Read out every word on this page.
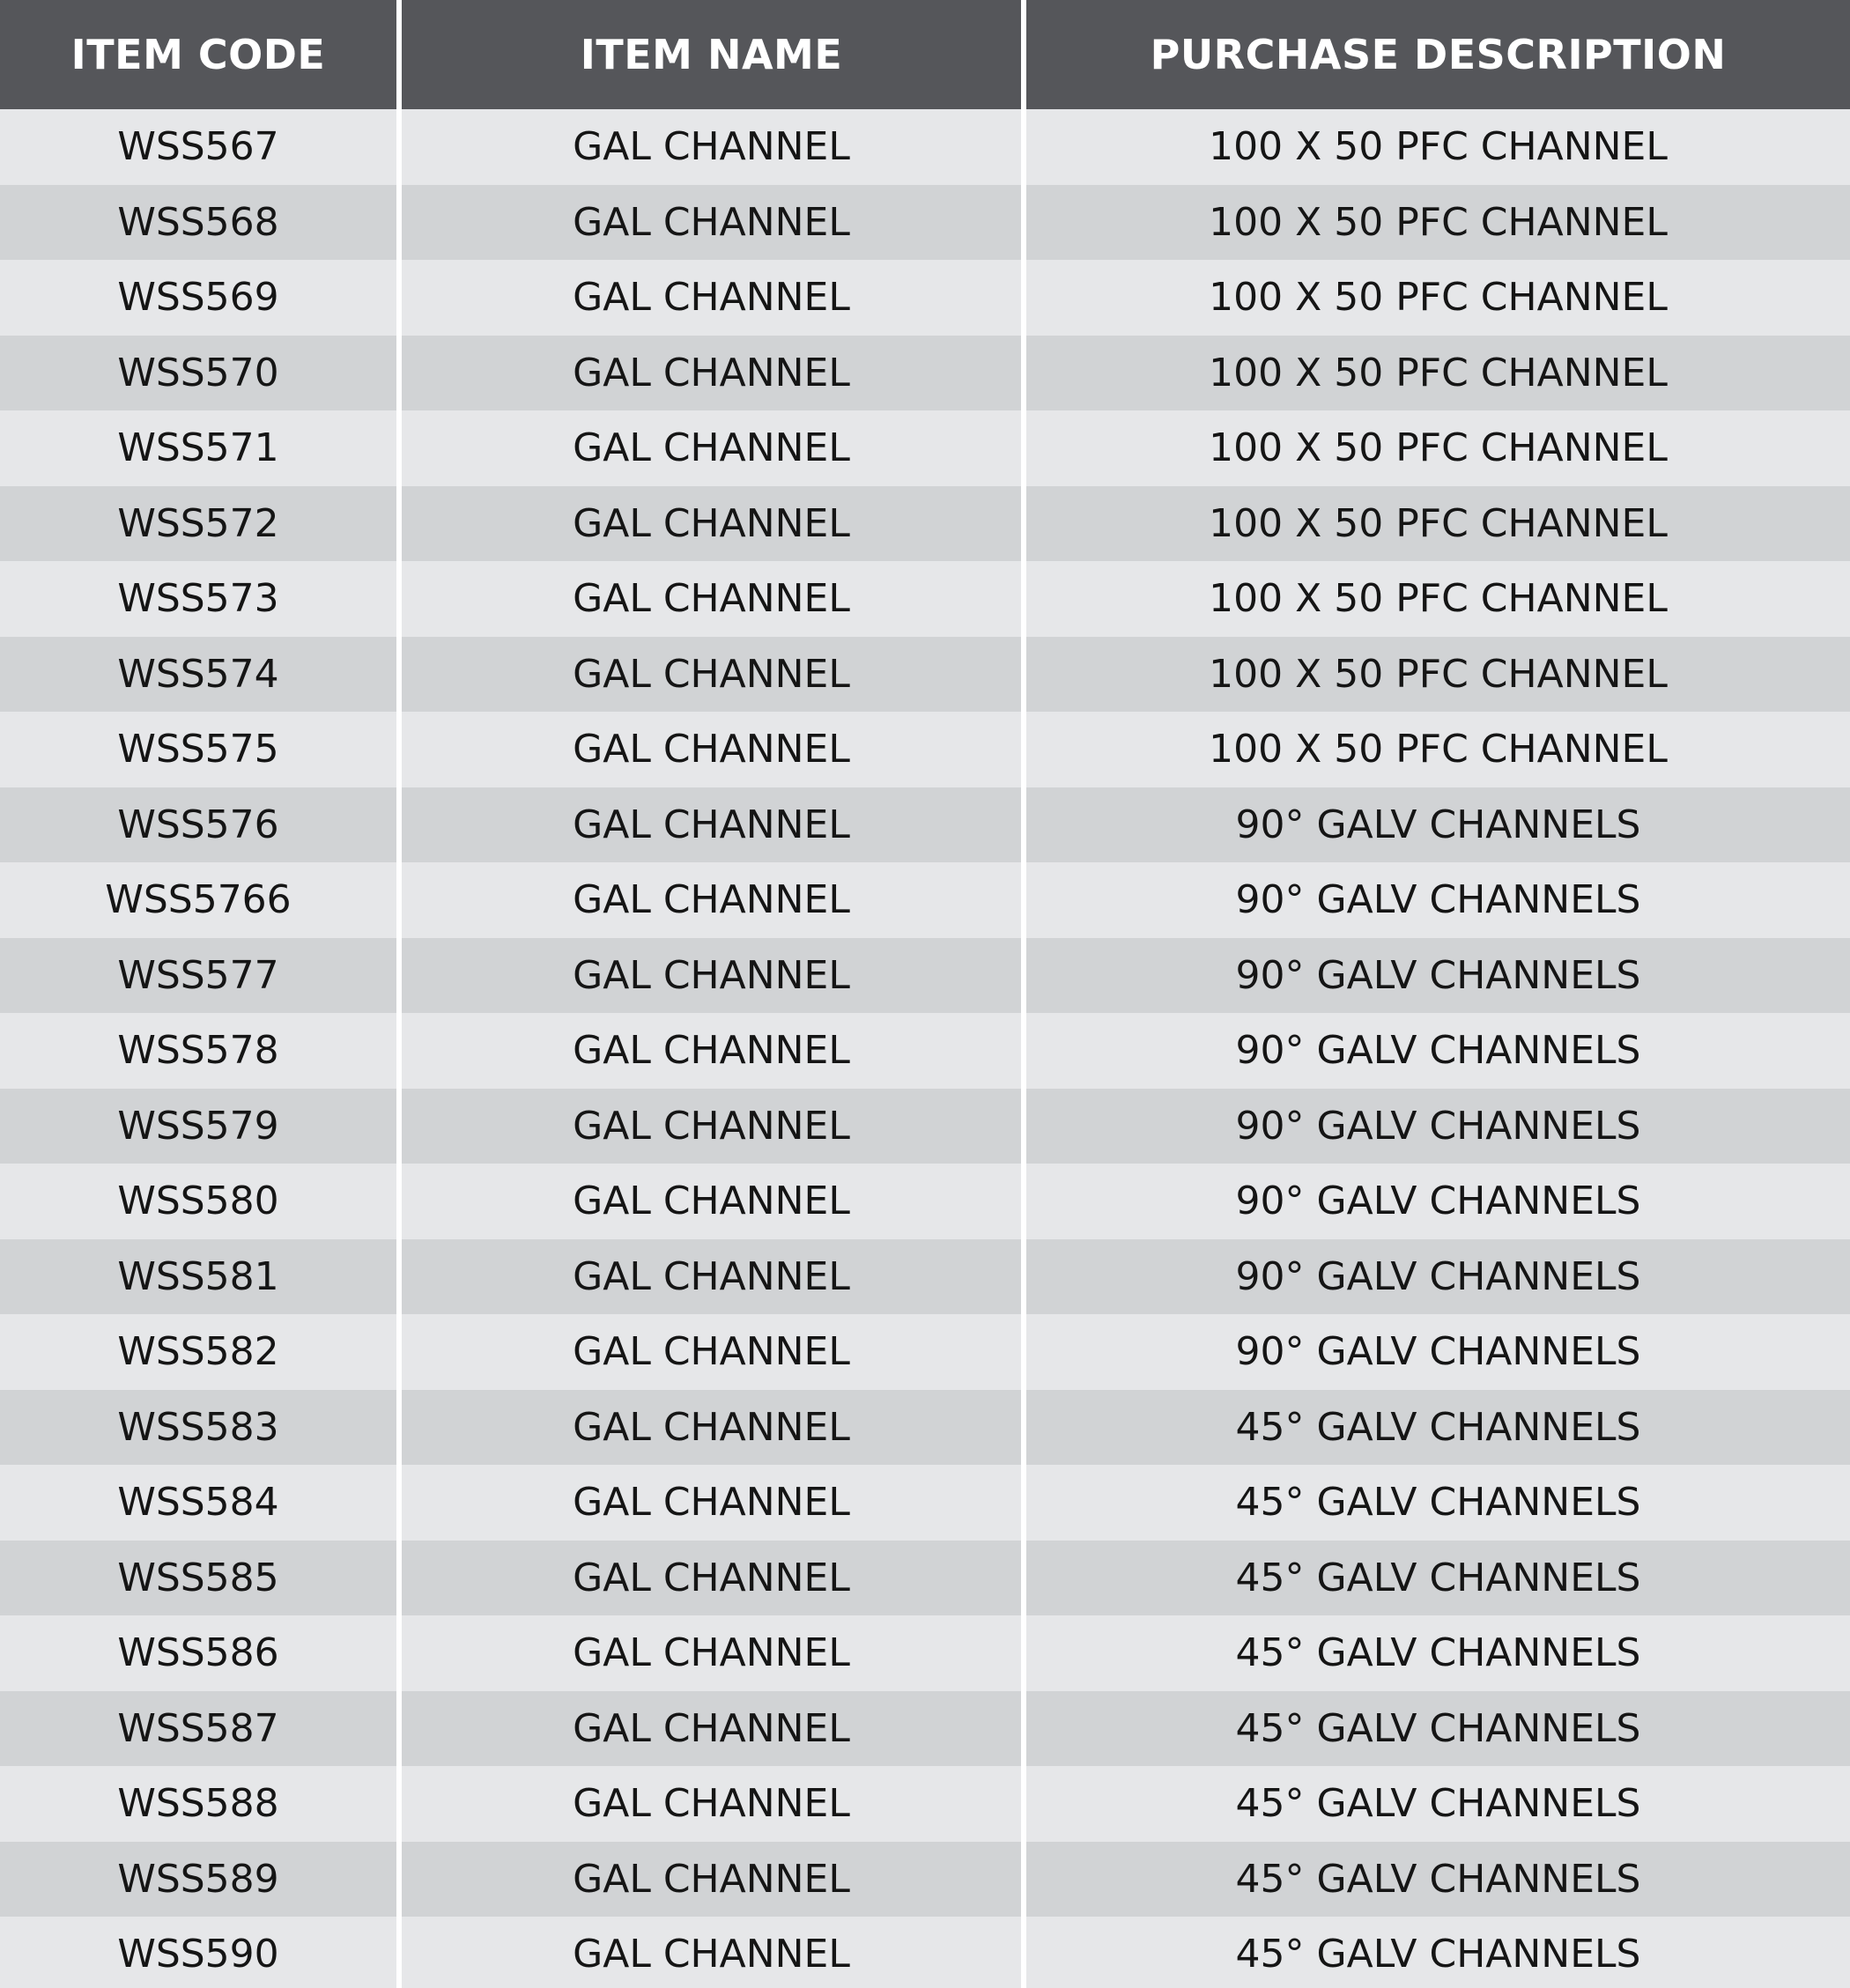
ITEM CODE	ITEM NAME	PURCHASE DESCRIPTION
WSS567	GAL CHANNEL	100 X 50 PFC CHANNEL
WSS568	GAL CHANNEL	100 X 50 PFC CHANNEL
WSS569	GAL CHANNEL	100 X 50 PFC CHANNEL
WSS570	GAL CHANNEL	100 X 50 PFC CHANNEL
WSS571	GAL CHANNEL	100 X 50 PFC CHANNEL
WSS572	GAL CHANNEL	100 X 50 PFC CHANNEL
WSS573	GAL CHANNEL	100 X 50 PFC CHANNEL
WSS574	GAL CHANNEL	100 X 50 PFC CHANNEL
WSS575	GAL CHANNEL	100 X 50 PFC CHANNEL
WSS576	GAL CHANNEL	90° GALV CHANNELS
WSS5766	GAL CHANNEL	90° GALV CHANNELS
WSS577	GAL CHANNEL	90° GALV CHANNELS
WSS578	GAL CHANNEL	90° GALV CHANNELS
WSS579	GAL CHANNEL	90° GALV CHANNELS
WSS580	GAL CHANNEL	90° GALV CHANNELS
WSS581	GAL CHANNEL	90° GALV CHANNELS
WSS582	GAL CHANNEL	90° GALV CHANNELS
WSS583	GAL CHANNEL	45° GALV CHANNELS
WSS584	GAL CHANNEL	45° GALV CHANNELS
WSS585	GAL CHANNEL	45° GALV CHANNELS
WSS586	GAL CHANNEL	45° GALV CHANNELS
WSS587	GAL CHANNEL	45° GALV CHANNELS
WSS588	GAL CHANNEL	45° GALV CHANNELS
WSS589	GAL CHANNEL	45° GALV CHANNELS
WSS590	GAL CHANNEL	45° GALV CHANNELS
